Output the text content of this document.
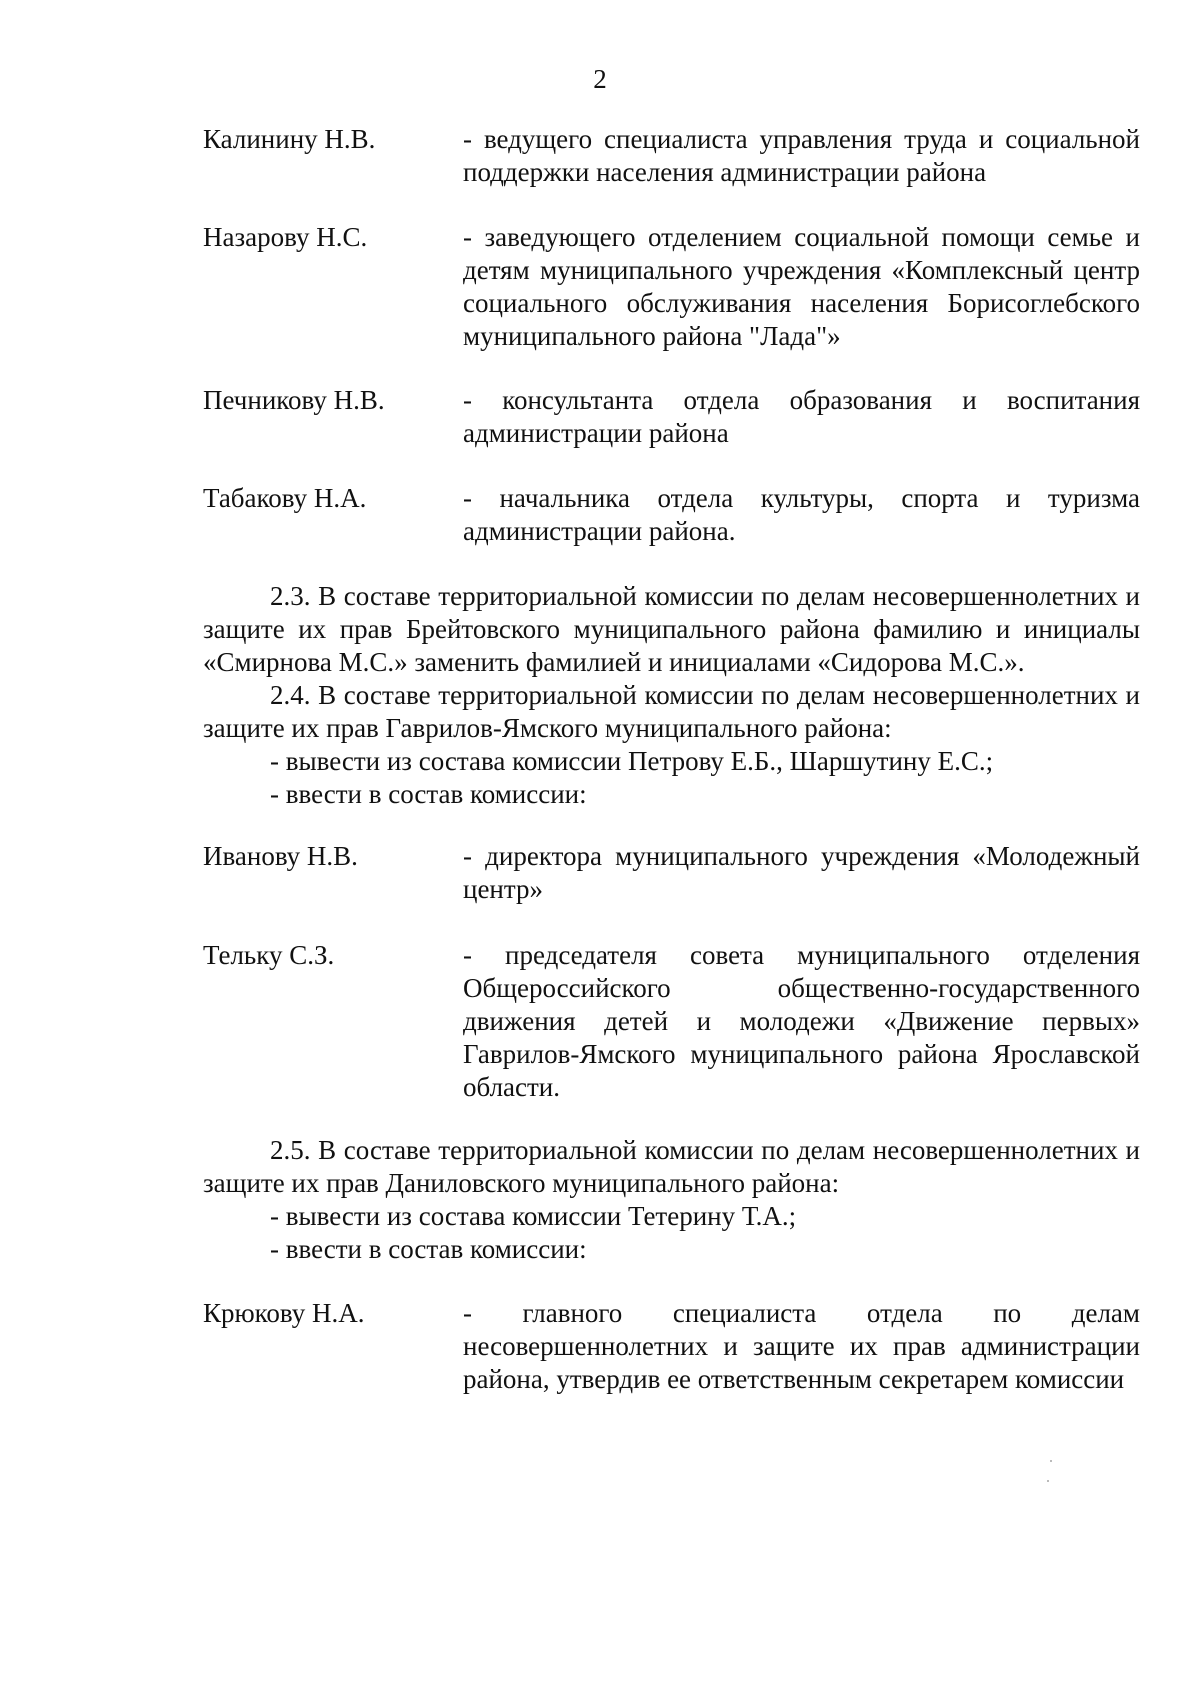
2
Калинину Н.В.	- ведущего специалиста управления труда и социальной поддержки населения администрации района
Назарову Н.С.	- заведующего отделением социальной помощи семье и детям муниципального учреждения «Комплексный центр социального обслуживания населения Борисоглебского муниципального района "Лада"»
Печникову Н.В.	- консультанта отдела образования и воспитания администрации района
Табакову Н.А.	- начальника отдела культуры, спорта и туризма администрации района.
2.3. В составе территориальной комиссии по делам несовершеннолетних и защите их прав Брейтовского муниципального района фамилию и инициалы «Смирнова М.С.» заменить фамилией и инициалами «Сидорова М.С.».
2.4. В составе территориальной комиссии по делам несовершеннолетних и защите их прав Гаврилов-Ямского муниципального района:
- вывести из состава комиссии Петрову Е.Б., Шаршутину Е.С.;
- ввести в состав комиссии:
Иванову Н.В.	- директора муниципального учреждения «Молодежный центр»
Тельку С.З.	- председателя совета муниципального отделения Общероссийского общественно-государственного движения детей и молодежи «Движение первых» Гаврилов-Ямского муниципального района Ярославской области.
2.5. В составе территориальной комиссии по делам несовершеннолетних и защите их прав Даниловского муниципального района:
- вывести из состава комиссии Тетерину Т.А.;
- ввести в состав комиссии:
Крюкову Н.А.	- главного специалиста отдела по делам несовершеннолетних и защите их прав администрации района, утвердив ее ответственным секретарем комиссии
